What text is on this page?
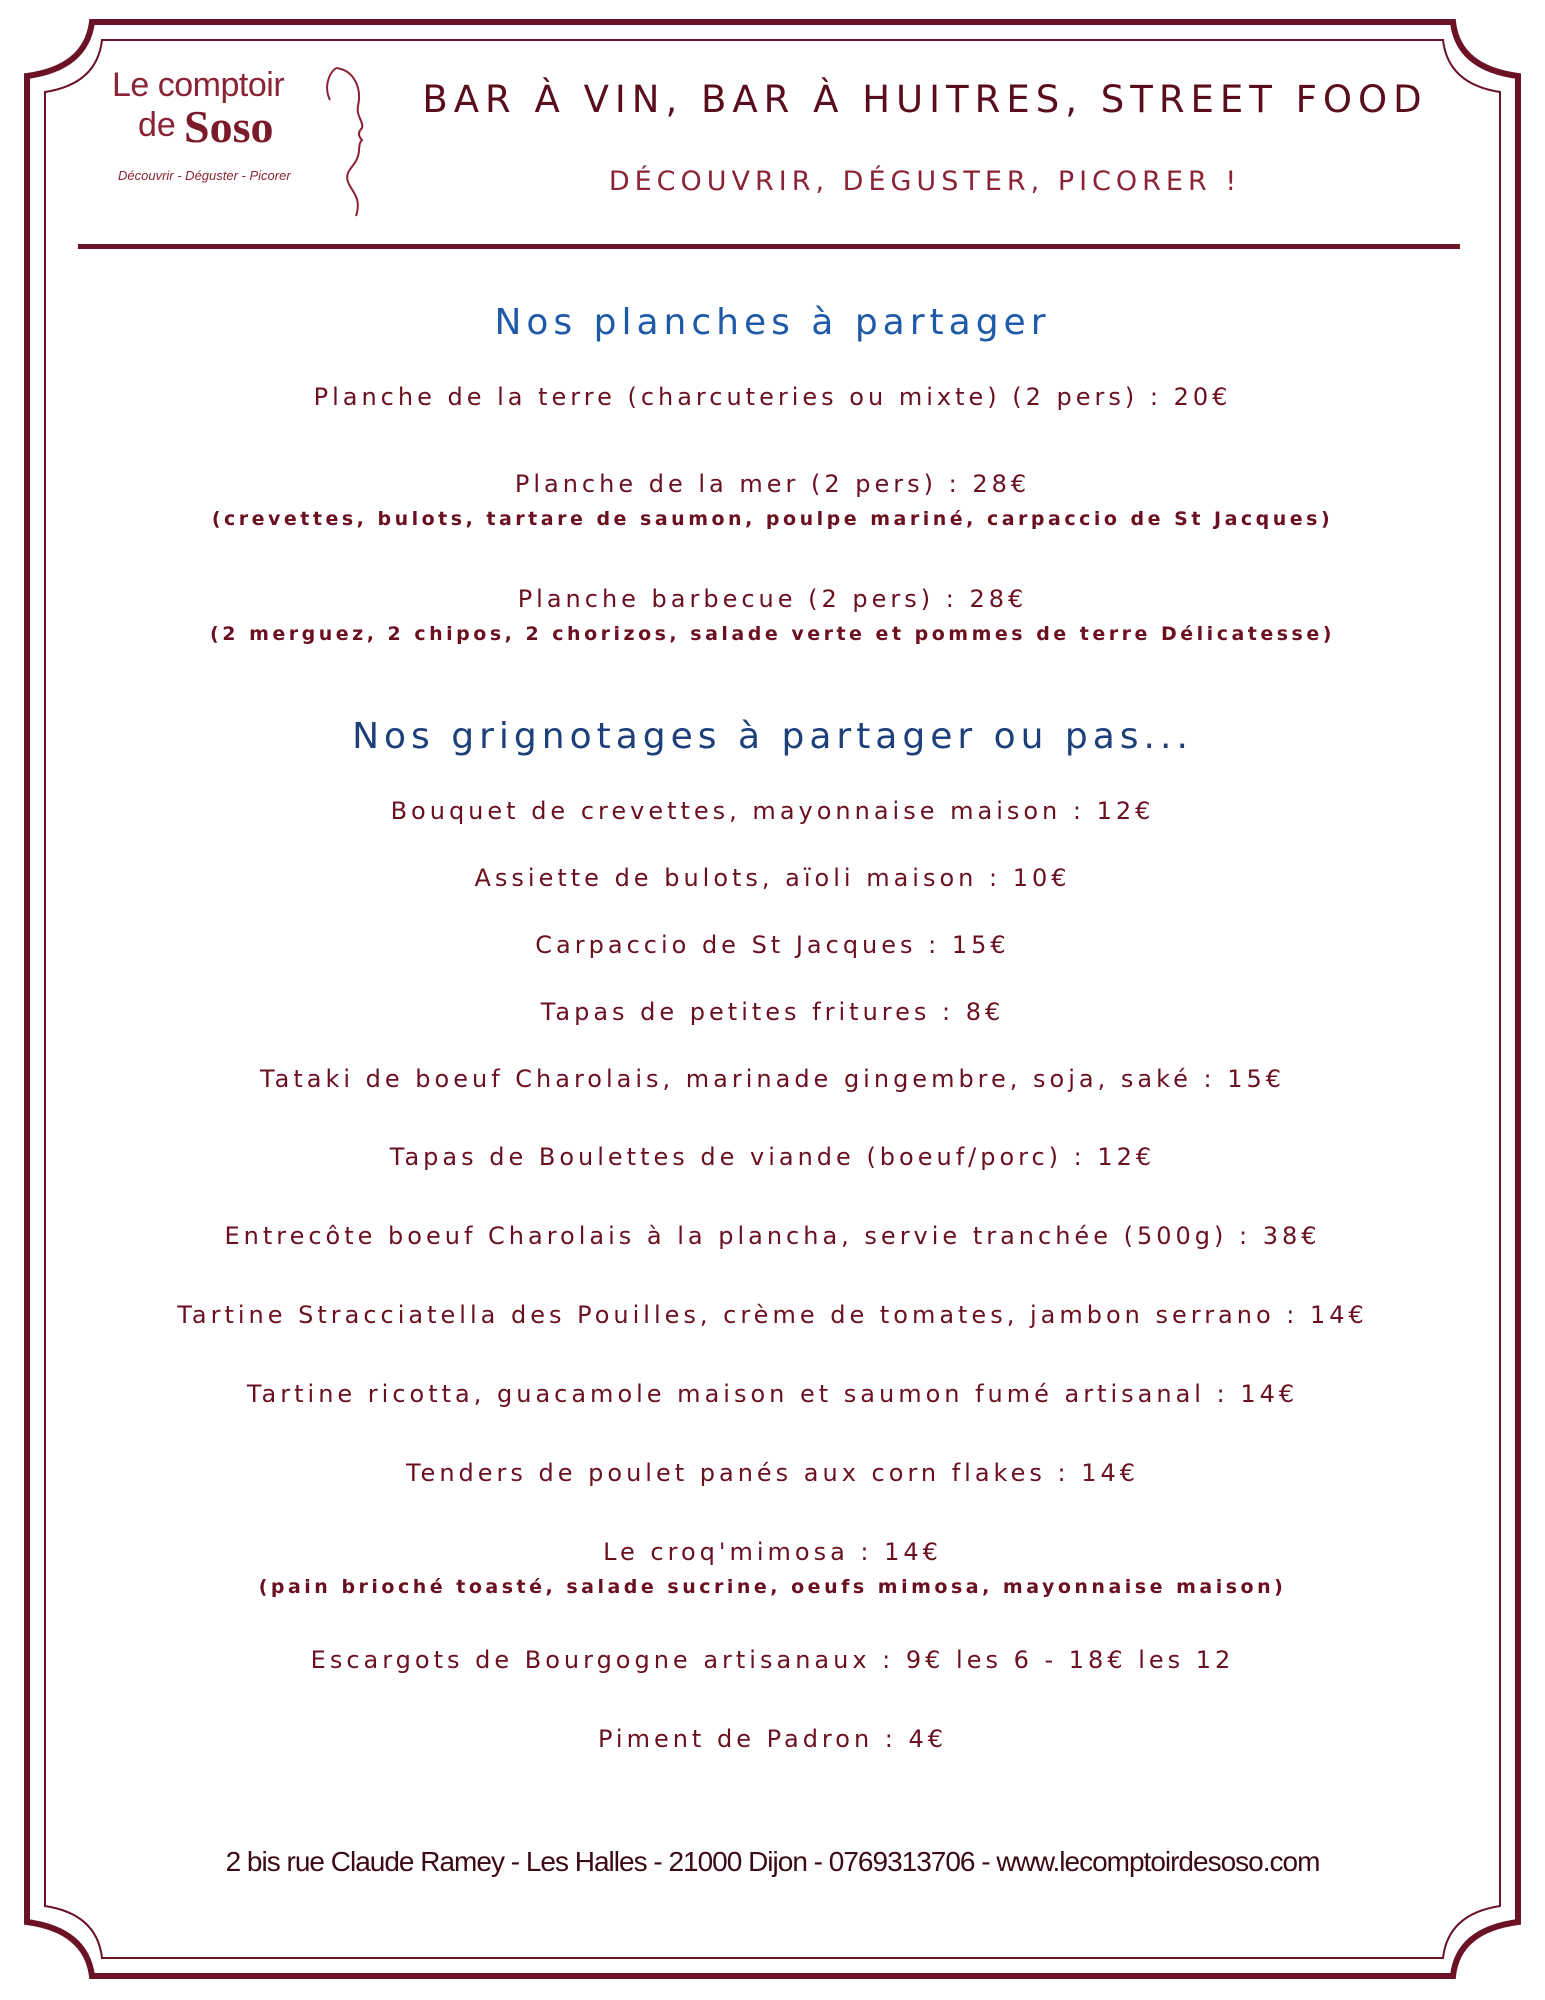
Le comptoir
de Soso
Découvrir - Déguster - Picorer
BAR À VIN, BAR À HUITRES, STREET FOOD
DÉCOUVRIR, DÉGUSTER, PICORER !
Nos planches à partager
Planche de la terre (charcuteries ou mixte) (2 pers) : 20€
Planche de la mer (2 pers) : 28€
(crevettes, bulots, tartare de saumon, poulpe mariné, carpaccio de St Jacques)
Planche barbecue (2 pers) : 28€
(2 merguez, 2 chipos, 2 chorizos, salade verte et pommes de terre Délicatesse)
Nos grignotages à partager ou pas...
Bouquet de crevettes, mayonnaise maison : 12€
Assiette de bulots, aïoli maison : 10€
Carpaccio de St Jacques : 15€
Tapas de petites fritures : 8€
Tataki de boeuf Charolais, marinade gingembre, soja, saké : 15€
Tapas de Boulettes de viande (boeuf/porc) : 12€
Entrecôte boeuf Charolais à la plancha, servie tranchée (500g) : 38€
Tartine Stracciatella des Pouilles, crème de tomates, jambon serrano : 14€
Tartine ricotta, guacamole maison et saumon fumé artisanal : 14€
Tenders de poulet panés aux corn flakes : 14€
Le croq'mimosa : 14€
(pain brioché toasté, salade sucrine, oeufs mimosa, mayonnaise maison)
Escargots de Bourgogne artisanaux : 9€ les 6 - 18€ les 12
Piment de Padron : 4€
2 bis rue Claude Ramey - Les Halles - 21000 Dijon - 0769313706 - www.lecomptoirdesoso.com
